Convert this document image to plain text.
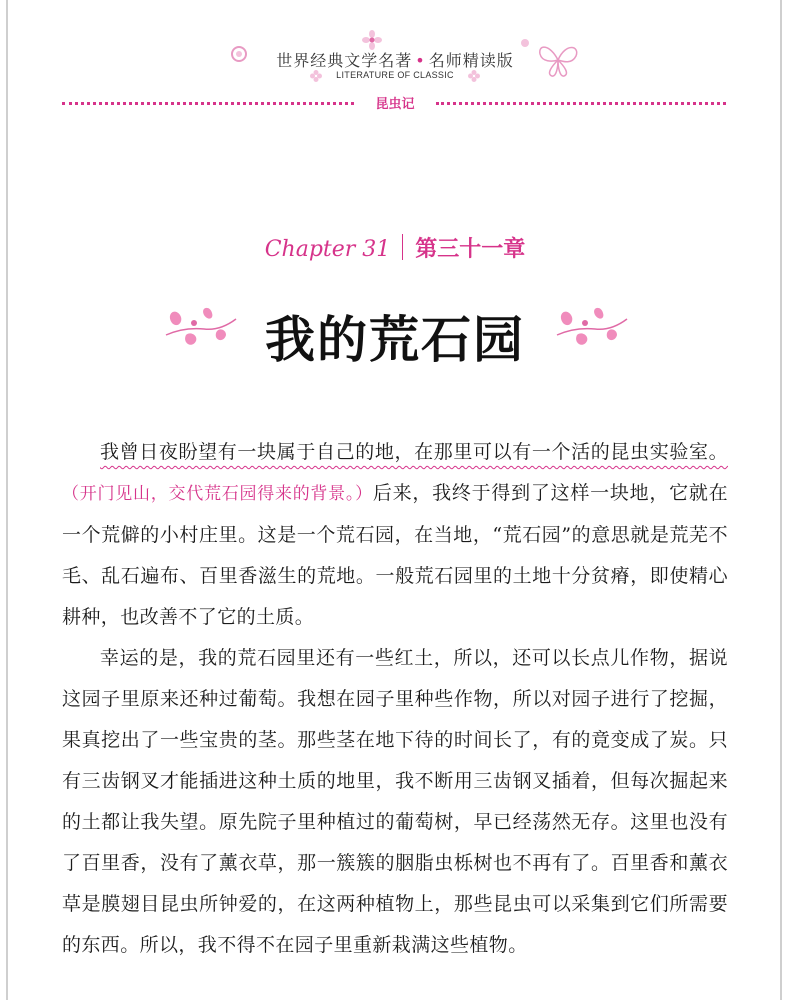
世界经典文学名著 • 名师精读版
LITERATURE OF CLASSIC
昆虫记
Chapter 31 第三十一章
我的荒石园

我曾日夜盼望有一块属于自己的地，在那里可以有一个活的昆虫实验室。（开门见山，交代荒石园得来的背景。）后来，我终于得到了这样一块地，它就在一个荒僻的小村庄里。这是一个荒石园，在当地，“荒石园”的意思就是荒芜不毛、乱石遍布、百里香滋生的荒地。一般荒石园里的土地十分贫瘠，即使精心耕种，也改善不了它的土质。

幸运的是，我的荒石园里还有一些红土，所以，还可以长点儿作物，据说这园子里原来还种过葡萄。我想在园子里种些作物，所以对园子进行了挖掘，果真挖出了一些宝贵的茎。那些茎在地下待的时间长了，有的竟变成了炭。只有三齿钢叉才能插进这种土质的地里，我不断用三齿钢叉插着，但每次掘起来的土都让我失望。原先院子里种植过的葡萄树，早已经荡然无存。这里也没有了百里香，没有了薰衣草，那一簇簇的胭脂虫栎树也不再有了。百里香和薰衣草是膜翅目昆虫所钟爱的，在这两种植物上，那些昆虫可以采集到它们所需要的东西。所以，我不得不在园子里重新栽满这些植物。
